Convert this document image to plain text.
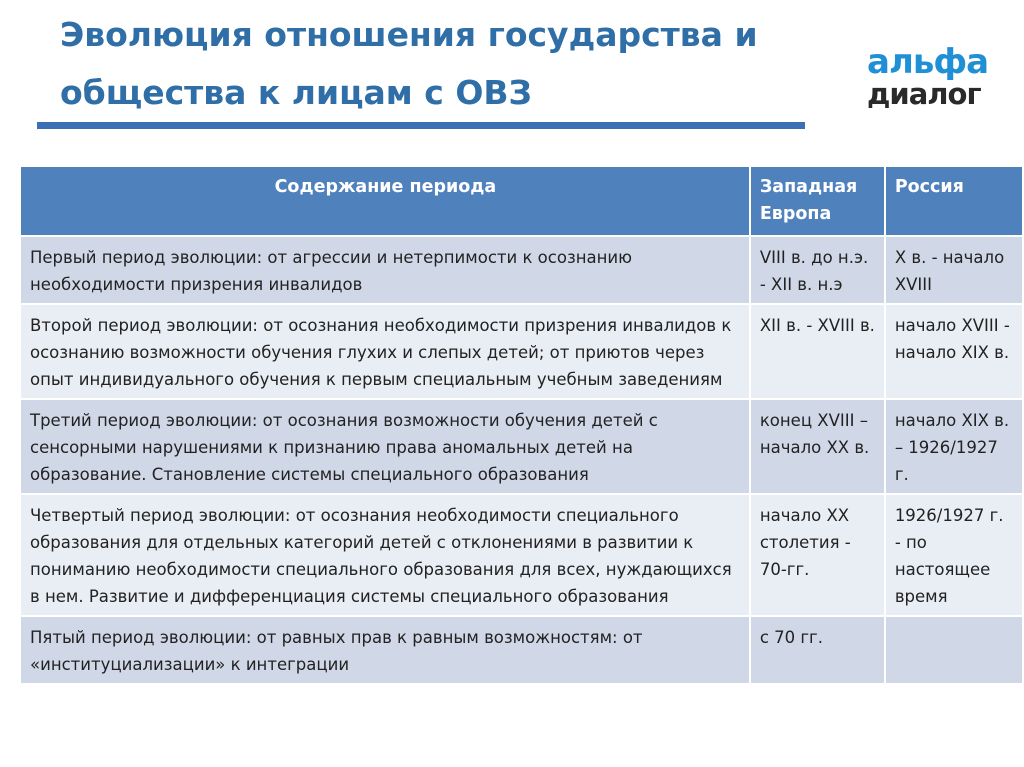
Эволюция отношения государства и общества к лицам с ОВЗ
альфа
диалог
Содержание периода	Западная Европа	Россия
Первый период эволюции: от агрессии и нетерпимости к осознанию необходимости призрения инвалидов	VIII в. до н.э. - XII в. н.э	X в. - начало XVIII
Второй период эволюции: от осознания необходимости призрения инвалидов к осознанию возможности обучения глухих и слепых детей; от приютов через опыт индивидуального обучения к первым специальным учебным заведениям	XII в. - XVIII в.	начало XVIII - начало XIX в.
Третий период эволюции: от осознания возможности обучения детей с сенсорными нарушениями к признанию права аномальных детей на образование. Становление системы специального образования	конец XVIII – начало XX в.	начало XIX в. – 1926/1927 г.
Четвертый период эволюции: от осознания необходимости специального образования для отдельных категорий детей с отклонениями в развитии к пониманию необходимости специального образования для всех, нуждающихся в нем. Развитие и дифференциация системы специального образования	начало XX столетия - 70-гг.	1926/1927 г. - по настоящее время
Пятый период эволюции: от равных прав к равным возможностям: от «институциализации» к интеграции	с 70 гг.	
